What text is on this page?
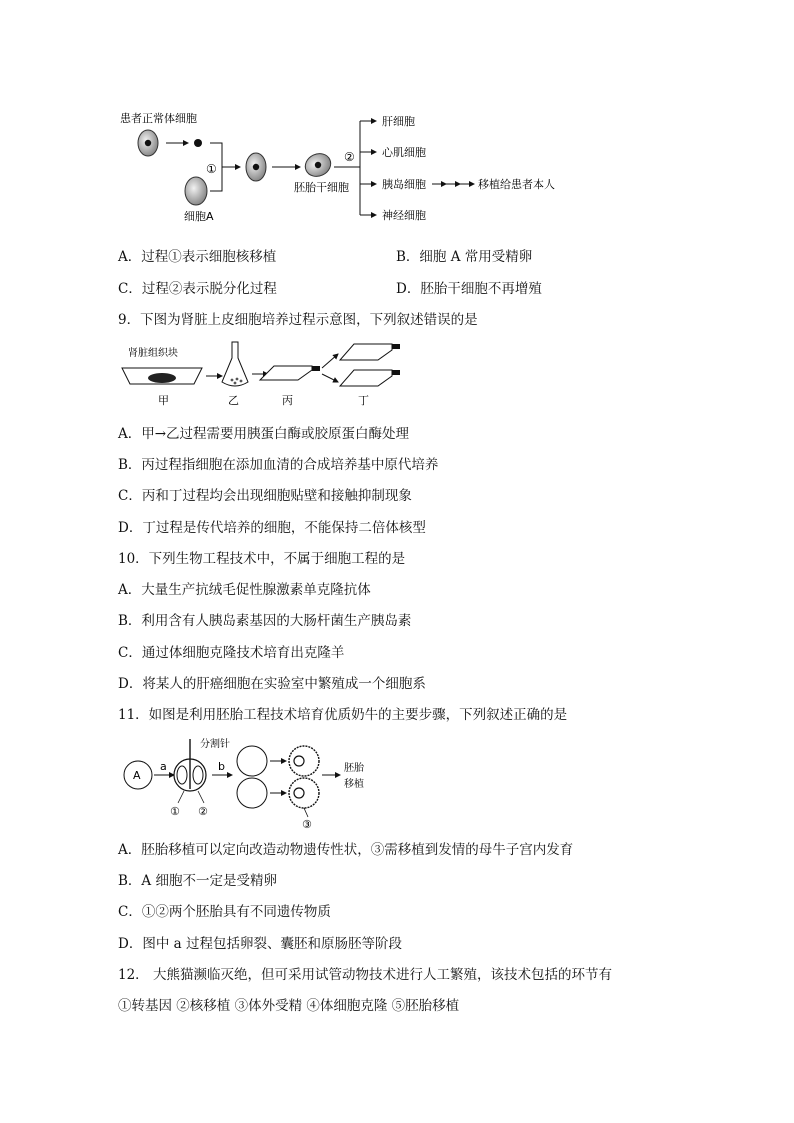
患者正常体细胞
①
细胞A
胚胎干细胞
②
肝细胞
心肌细胞
胰岛细胞	移植给患者本人
神经细胞
A．过程①表示细胞核移植	B．细胞 A 常用受精卵
C．过程②表示脱分化过程	D．胚胎干细胞不再增殖
9．下图为肾脏上皮细胞培养过程示意图，下列叙述错误的是
肾脏组织块
甲	乙	丙	丁
A．甲→乙过程需要用胰蛋白酶或胶原蛋白酶处理
B．丙过程指细胞在添加血清的合成培养基中原代培养
C．丙和丁过程均会出现细胞贴壁和接触抑制现象
D．丁过程是传代培养的细胞，不能保持二倍体核型
10．下列生物工程技术中，不属于细胞工程的是
A．大量生产抗绒毛促性腺激素单克隆抗体
B．利用含有人胰岛素基因的大肠杆菌生产胰岛素
C．通过体细胞克隆技术培育出克隆羊
D．将某人的肝癌细胞在实验室中繁殖成一个细胞系
11．如图是利用胚胎工程技术培育优质奶牛的主要步骤，下列叙述正确的是
A
a
分割针
① ②
b
③
胚胎
移植
A．胚胎移植可以定向改造动物遗传性状，③需移植到发情的母牛子宫内发育
B．A 细胞不一定是受精卵
C．①②两个胚胎具有不同遗传物质
D．图中 a 过程包括卵裂、囊胚和原肠胚等阶段
12． 大熊猫濒临灭绝，但可采用试管动物技术进行人工繁殖，该技术包括的环节有
①转基因 ②核移植 ③体外受精 ④体细胞克隆 ⑤胚胎移植
